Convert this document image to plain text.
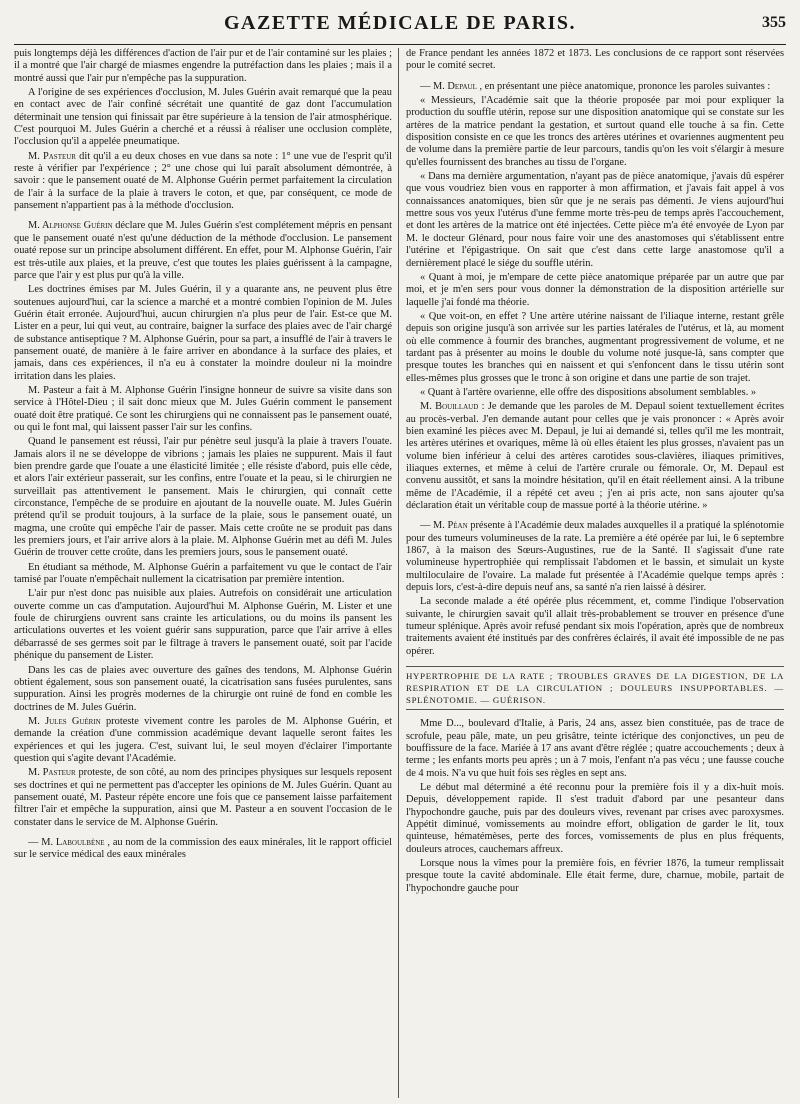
GAZETTE MÉDICALE DE PARIS.	355

puis longtemps déjà les différences d'action de l'air pur et de l'air contaminé sur les plaies ; il a montré que l'air chargé de miasmes engendre la putréfaction dans les plaies ; mais il a montré aussi que l'air pur n'empêche pas la suppuration.

A l'origine de ses expériences d'occlusion, M. Jules Guérin avait remarqué que la peau en contact avec de l'air confiné sécrétait une quantité de gaz dont l'accumulation déterminait une tension qui finissait par être supérieure à la tension de l'air atmosphérique. C'est pourquoi M. Jules Guérin a cherché et a réussi à réaliser une occlusion complète, l'occlusion qu'il a appelée pneumatique.

M. Pasteur dit qu'il a eu deux choses en vue dans sa note : 1° une vue de l'esprit qu'il reste à vérifier par l'expérience ; 2° une chose qui lui paraît absolument démontrée, à savoir : que le pansement ouaté de M. Alphonse Guérin permet parfaitement la circulation de l'air à la surface de la plaie à travers le coton, et que, par conséquent, ce mode de pansement n'appartient pas à la méthode d'occlusion.

M. Alphonse Guérin déclare que M. Jules Guérin s'est complétement mépris en pensant que le pansement ouaté n'est qu'une déduction de la méthode d'occlusion. Le pansement ouaté repose sur un principe absolument différent. En effet, pour M. Alphonse Guérin, l'air est très-utile aux plaies, et la preuve, c'est que toutes les plaies guérissent à la campagne, parce que l'air y est plus pur qu'à la ville.

Les doctrines émises par M. Jules Guérin, il y a quarante ans, ne peuvent plus être soutenues aujourd'hui, car la science a marché et a montré combien l'opinion de M. Jules Guérin était erronée. Aujourd'hui, aucun chirurgien n'a plus peur de l'air. Est-ce que M. Lister en a peur, lui qui veut, au contraire, baigner la surface des plaies avec de l'air chargé de substance antiseptique ? M. Alphonse Guérin, pour sa part, a insufflé de l'air à travers le pansement ouaté, de manière à le faire arriver en abondance à la surface des plaies, et jamais, dans ces expériences, il n'a eu à constater la moindre douleur ni la moindre irritation dans les plaies.

M. Pasteur a fait à M. Alphonse Guérin l'insigne honneur de suivre sa visite dans son service à l'Hôtel-Dieu ; il sait donc mieux que M. Jules Guérin comment le pansement ouaté doit être pratiqué. Ce sont les chirurgiens qui ne connaissent pas le pansement ouaté, ou qui le font mal, qui laissent passer l'air sur les confins.

Quand le pansement est réussi, l'air pur pénètre seul jusqu'à la plaie à travers l'ouate. Jamais alors il ne se développe de vibrions ; jamais les plaies ne suppurent. Mais il faut bien prendre garde que l'ouate a une élasticité limitée ; elle résiste d'abord, puis elle cède, et alors l'air extérieur passerait, sur les confins, entre l'ouate et la peau, si le chirurgien ne surveillait pas attentivement le pansement. Mais le chirurgien, qui connaît cette circonstance, l'empêche de se produire en ajoutant de la nouvelle ouate. M. Jules Guérin prétend qu'il se produit toujours, à la surface de la plaie, sous le pansement ouaté, un magma, une croûte qui empêche l'air de passer. Mais cette croûte ne se produit pas dans les premiers jours, et l'air arrive alors à la plaie. M. Alphonse Guérin met au défi M. Jules Guérin de trouver cette croûte, dans les premiers jours, sous le pansement ouaté.

En étudiant sa méthode, M. Alphonse Guérin a parfaitement vu que le contact de l'air tamisé par l'ouate n'empêchait nullement la cicatrisation par première intention.

L'air pur n'est donc pas nuisible aux plaies. Autrefois on considérait une articulation ouverte comme un cas d'amputation. Aujourd'hui M. Alphonse Guérin, M. Lister et une foule de chirurgiens ouvrent sans crainte les articulations, ou du moins ils pansent les articulations ouvertes et les voient guérir sans suppuration, parce que l'air arrive à elles débarrassé de ses germes soit par le filtrage à travers le pansement ouaté, soit par l'acide phénique du pansement de Lister.

Dans les cas de plaies avec ouverture des gaînes des tendons, M. Alphonse Guérin obtient également, sous son pansement ouaté, la cicatrisation sans fusées purulentes, sans suppuration. Ainsi les progrès modernes de la chirurgie ont ruiné de fond en comble les doctrines de M. Jules Guérin.

M. Jules Guérin proteste vivement contre les paroles de M. Alphonse Guérin, et demande la création d'une commission académique devant laquelle seront faites les expériences et qui les jugera. C'est, suivant lui, le seul moyen d'éclairer l'importante question qui s'agite devant l'Académie.

M. Pasteur proteste, de son côté, au nom des principes physiques sur lesquels reposent ses doctrines et qui ne permettent pas d'accepter les opinions de M. Jules Guérin. Quant au pansement ouaté, M. Pasteur répète encore une fois que ce pansement laisse parfaitement filtrer l'air et empêche la suppuration, ainsi que M. Pasteur a en souvent l'occasion de le constater dans le service de M. Alphonse Guérin.

— M. Laboulbène , au nom de la commission des eaux minérales, lit le rapport officiel sur le service médical des eaux minérales

de France pendant les années 1872 et 1873. Les conclusions de ce rapport sont réservées pour le comité secret.

— M. Depaul , en présentant une pièce anatomique, prononce les paroles suivantes :

« Messieurs, l'Académie sait que la théorie proposée par moi pour expliquer la production du souffle utérin, repose sur une disposition anatomique qui se constate sur les artères de la matrice pendant la gestation, et surtout quand elle touche à sa fin. Cette disposition consiste en ce que les troncs des artères utérines et ovariennes augmentent peu de volume dans la première partie de leur parcours, tandis qu'on les voit s'élargir à mesure qu'elles fournissent des branches au tissu de l'organe.

« Dans ma dernière argumentation, n'ayant pas de pièce anatomique, j'avais dû espérer que vous voudriez bien vous en rapporter à mon affirmation, et j'avais fait appel à vos connaissances anatomiques, bien sûr que je ne serais pas démenti. Je viens aujourd'hui mettre sous vos yeux l'utérus d'une femme morte très-peu de temps après l'accouchement, et dont les artères de la matrice ont été injectées. Cette pièce m'a été envoyée de Lyon par M. le docteur Glénard, pour nous faire voir une des anastomoses qui s'établissent entre l'utérine et l'épigastrique. On sait que c'est dans cette large anastomose qu'il a dernièrement placé le siége du souffle utérin.

« Quant à moi, je m'empare de cette pièce anatomique préparée par un autre que par moi, et je m'en sers pour vous donner la démonstration de la disposition artérielle sur laquelle j'ai fondé ma théorie.

« Que voit-on, en effet ? Une artère utérine naissant de l'iliaque interne, restant grêle depuis son origine jusqu'à son arrivée sur les parties latérales de l'utérus, et là, au moment où elle commence à fournir des branches, augmentant progressivement de volume, et ne tardant pas à présenter au moins le double du volume noté jusque-là, sans compter que presque toutes les branches qui en naissent et qui s'enfoncent dans le tissu utérin sont elles-mêmes plus grosses que le tronc à son origine et dans une partie de son trajet.

« Quant à l'artère ovarienne, elle offre des dispositions absolument semblables. »

M. Bouillaud : Je demande que les paroles de M. Depaul soient textuellement écrites au procès-verbal. J'en demande autant pour celles que je vais prononcer : « Après avoir bien examiné les pièces avec M. Depaul, je lui ai demandé si, telles qu'il me les montrait, les artères utérines et ovariques, même là où elles étaient les plus grosses, n'avaient pas un volume bien inférieur à celui des artères carotides sous-clavières, iliaques primitives, iliaques externes, et même à celui de l'artère crurale ou fémorale. Or, M. Depaul est convenu aussitôt, et sans la moindre hésitation, qu'il en était réellement ainsi. A la tribune même de l'Académie, il a répété cet aveu ; j'en ai pris acte, non sans ajouter qu'sa déclaration était un véritable coup de massue porté à la théorie utérine. »

— M. Péan présente à l'Académie deux malades auxquelles il a pratiqué la splénotomie pour des tumeurs volumineuses de la rate. La première a été opérée par lui, le 6 septembre 1867, à la maison des Sœurs-Augustines, rue de la Santé. Il s'agissait d'une rate volumineuse hypertrophiée qui remplissait l'abdomen et le bassin, et simulait un kyste multiloculaire de l'ovaire. La malade fut présentée à l'Académie quelque temps après : depuis lors, c'est-à-dire depuis neuf ans, sa santé n'a rien laissé à désirer.

La seconde malade a été opérée plus récemment, et, comme l'indique l'observation suivante, le chirurgien savait qu'il allait très-probablement se trouver en présence d'une tumeur splénique. Après avoir refusé pendant six mois l'opération, après que de nombreux traitements avaient été institués par des confrères éclairés, il avait été impossible de ne pas opérer.

HYPERTROPHIE DE LA RATE ; TROUBLES GRAVES DE LA DIGESTION, DE LA RESPIRATION ET DE LA CIRCULATION ; DOULEURS INSUPPORTABLES. — SPLÉNOTOMIE. — GUÉRISON.

Mme D..., boulevard d'Italie, à Paris, 24 ans, assez bien constituée, pas de trace de scrofule, peau pâle, mate, un peu grisâtre, teinte ictérique des conjonctives, un peu de bouffissure de la face. Mariée à 17 ans avant d'être réglée ; quatre accouchements ; deux à terme ; les enfants morts peu après ; un à 7 mois, l'enfant n'a pas vécu ; une fausse couche de 4 mois. N'a vu que huit fois ses règles en sept ans.

Le début mal déterminé a été reconnu pour la première fois il y a dix-huit mois. Depuis, développement rapide. Il s'est traduit d'abord par une pesanteur dans l'hypochondre gauche, puis par des douleurs vives, revenant par crises avec paroxysmes. Appétit diminué, vomissements au moindre effort, obligation de garder le lit, toux quinteuse, hématémèses, perte des forces, vomissements de plus en plus fréquents, douleurs atroces, cauchemars affreux.

Lorsque nous la vîmes pour la première fois, en février 1876, la tumeur remplissait presque toute la cavité abdominale. Elle était ferme, dure, charnue, mobile, partait de l'hypochondre gauche pour
